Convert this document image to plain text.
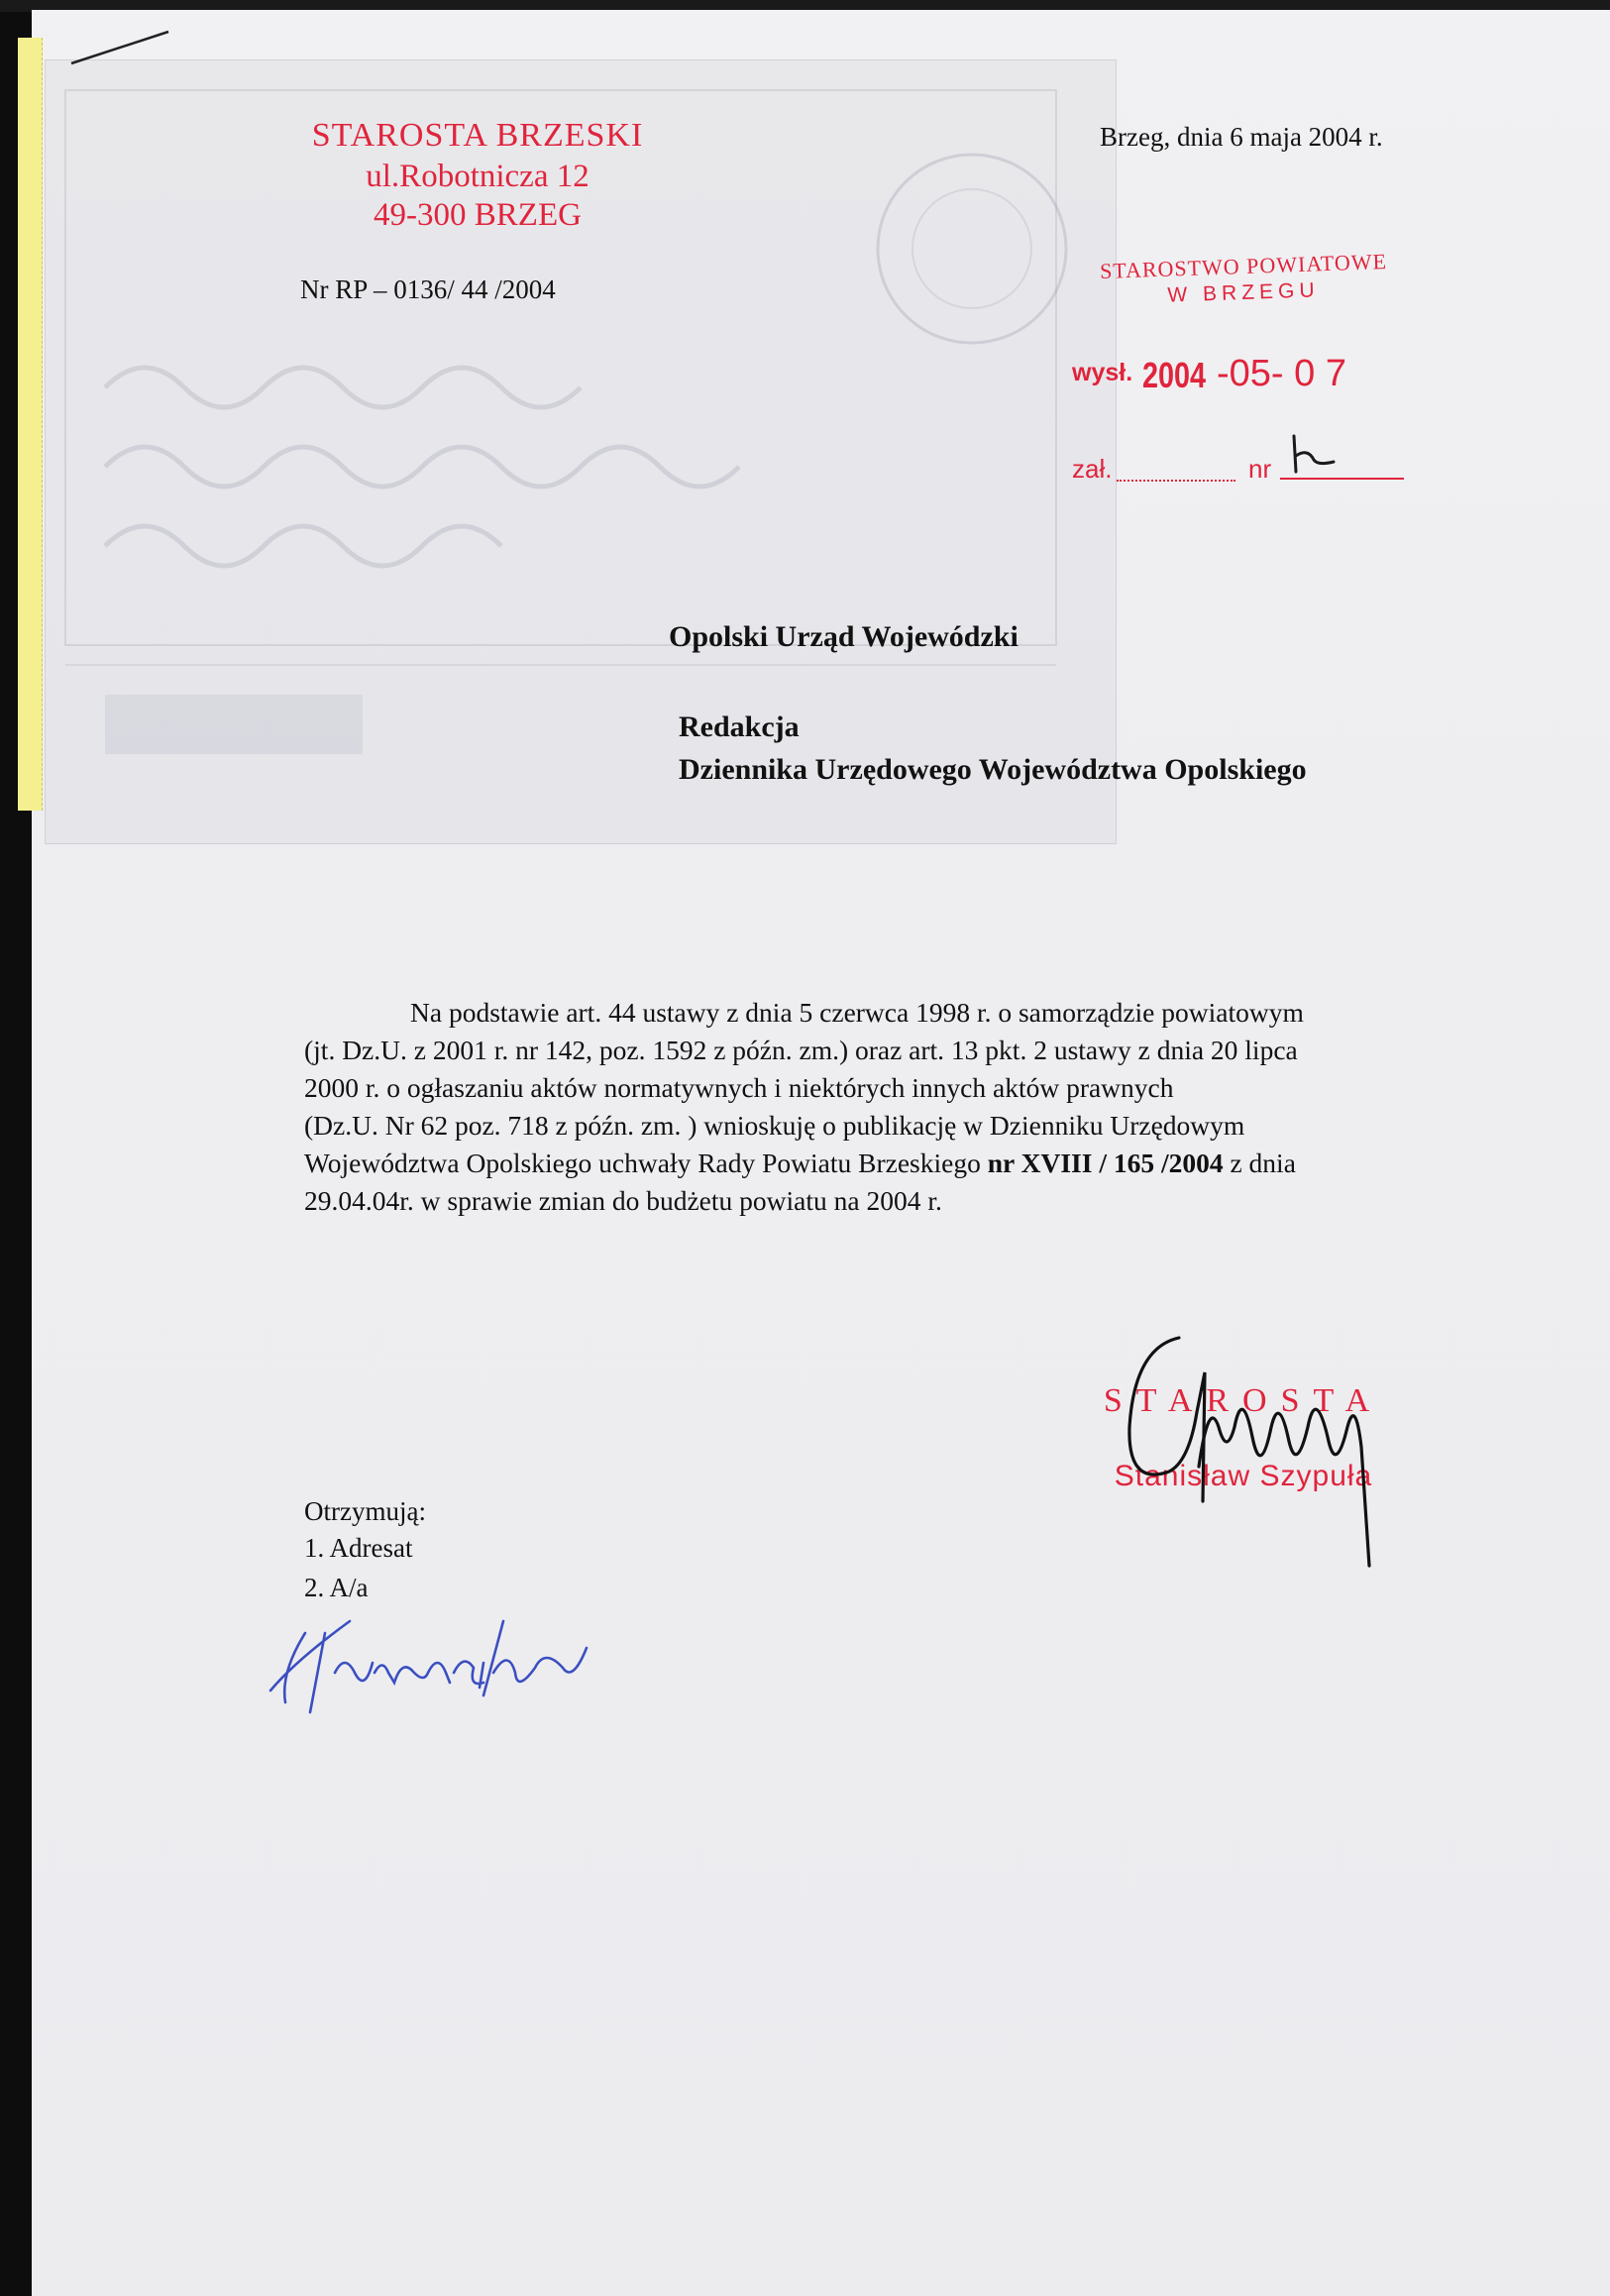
STAROSTA BRZESKI
ul.Robotnicza 12
49-300 BRZEG
Nr RP – 0136/ 44 /2004
Brzeg, dnia 6 maja 2004 r.
STAROSTWO POWIATOWE
W BRZEGU
wysł. 2004 -05- 0 7
zał.	nr
Opolski Urząd Wojewódzki
Redakcja
Dziennika Urzędowego Województwa Opolskiego

Na podstawie art. 44 ustawy z dnia 5 czerwca 1998 r. o samorządzie powiatowym

(jt. Dz.U. z 2001 r. nr 142, poz. 1592 z późn. zm.) oraz art. 13 pkt. 2 ustawy z dnia 20 lipca

2000 r. o ogłaszaniu aktów normatywnych i niektórych innych aktów prawnych

(Dz.U. Nr 62 poz. 718 z późn. zm. ) wnioskuję o publikację w Dzienniku Urzędowym

Województwa Opolskiego uchwały Rady Powiatu Brzeskiego nr XVIII / 165 /2004 z dnia

29.04.04r. w sprawie zmian do budżetu powiatu na 2004 r.

STAROSTA
Stanisław Szypuła
Otrzymują:
1. Adresat
2. A/a
